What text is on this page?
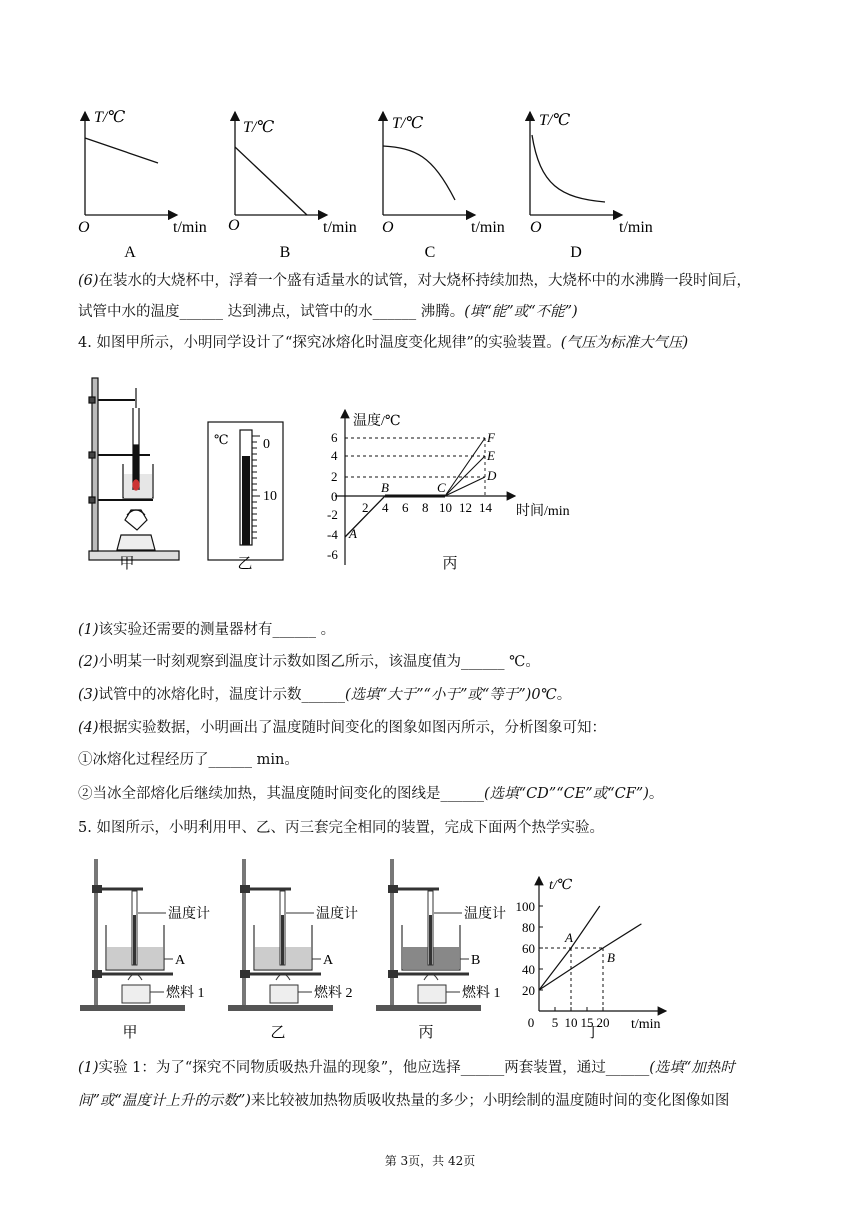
T/℃
O	t/min
T/℃
O	t/min
T/℃
O	t/min
T/℃
O	t/min
A	B	C	D
(6)在装水的大烧杯中，浮着一个盛有适量水的试管，对大烧杯持续加热，大烧杯中的水沸腾一段时间后，
试管中水的温度______ 达到沸点，试管中的水______ 沸腾。(填“能”或“不能”)
4. 如图甲所示，小明同学设计了“探究冰熔化时温度变化规律”的实验装置。(气压为标准大气压)
℃ 0
10
温度/℃
时间/min
6
4
2
0
-2
-4
-6
2 4 6 8 10 12 14
A
B	C
D
E
F
甲	乙	丙
(1)该实验还需要的测量器材有______ 。
(2)小明某一时刻观察到温度计示数如图乙所示，该温度值为______ ℃。
(3)试管中的冰熔化时，温度计示数______(选填“大于”“小于”或“等于”)0℃。
(4)根据实验数据，小明画出了温度随时间变化的图象如图丙所示，分析图象可知：
①冰熔化过程经历了______ min。
②当冰全部熔化后继续加热，其温度随时间变化的图线是______(选填“CD”“CE”或“CF”)。
5. 如图所示，小明利用甲、乙、丙三套完全相同的装置，完成下面两个热学实验。
温度计
A
燃料 1
甲
温度计
A
燃料 2
乙
温度计
B
燃料 1
丙
t/℃
t/min
20
40
60
80
100
0 5 10 15 20
A
B
丁
(1)实验 1：为了“探究不同物质吸热升温的现象”，他应选择______两套装置，通过______(选填“加热时
间”或“温度计上升的示数”)来比较被加热物质吸收热量的多少；小明绘制的温度随时间的变化图像如图
第 3页，共 42页
